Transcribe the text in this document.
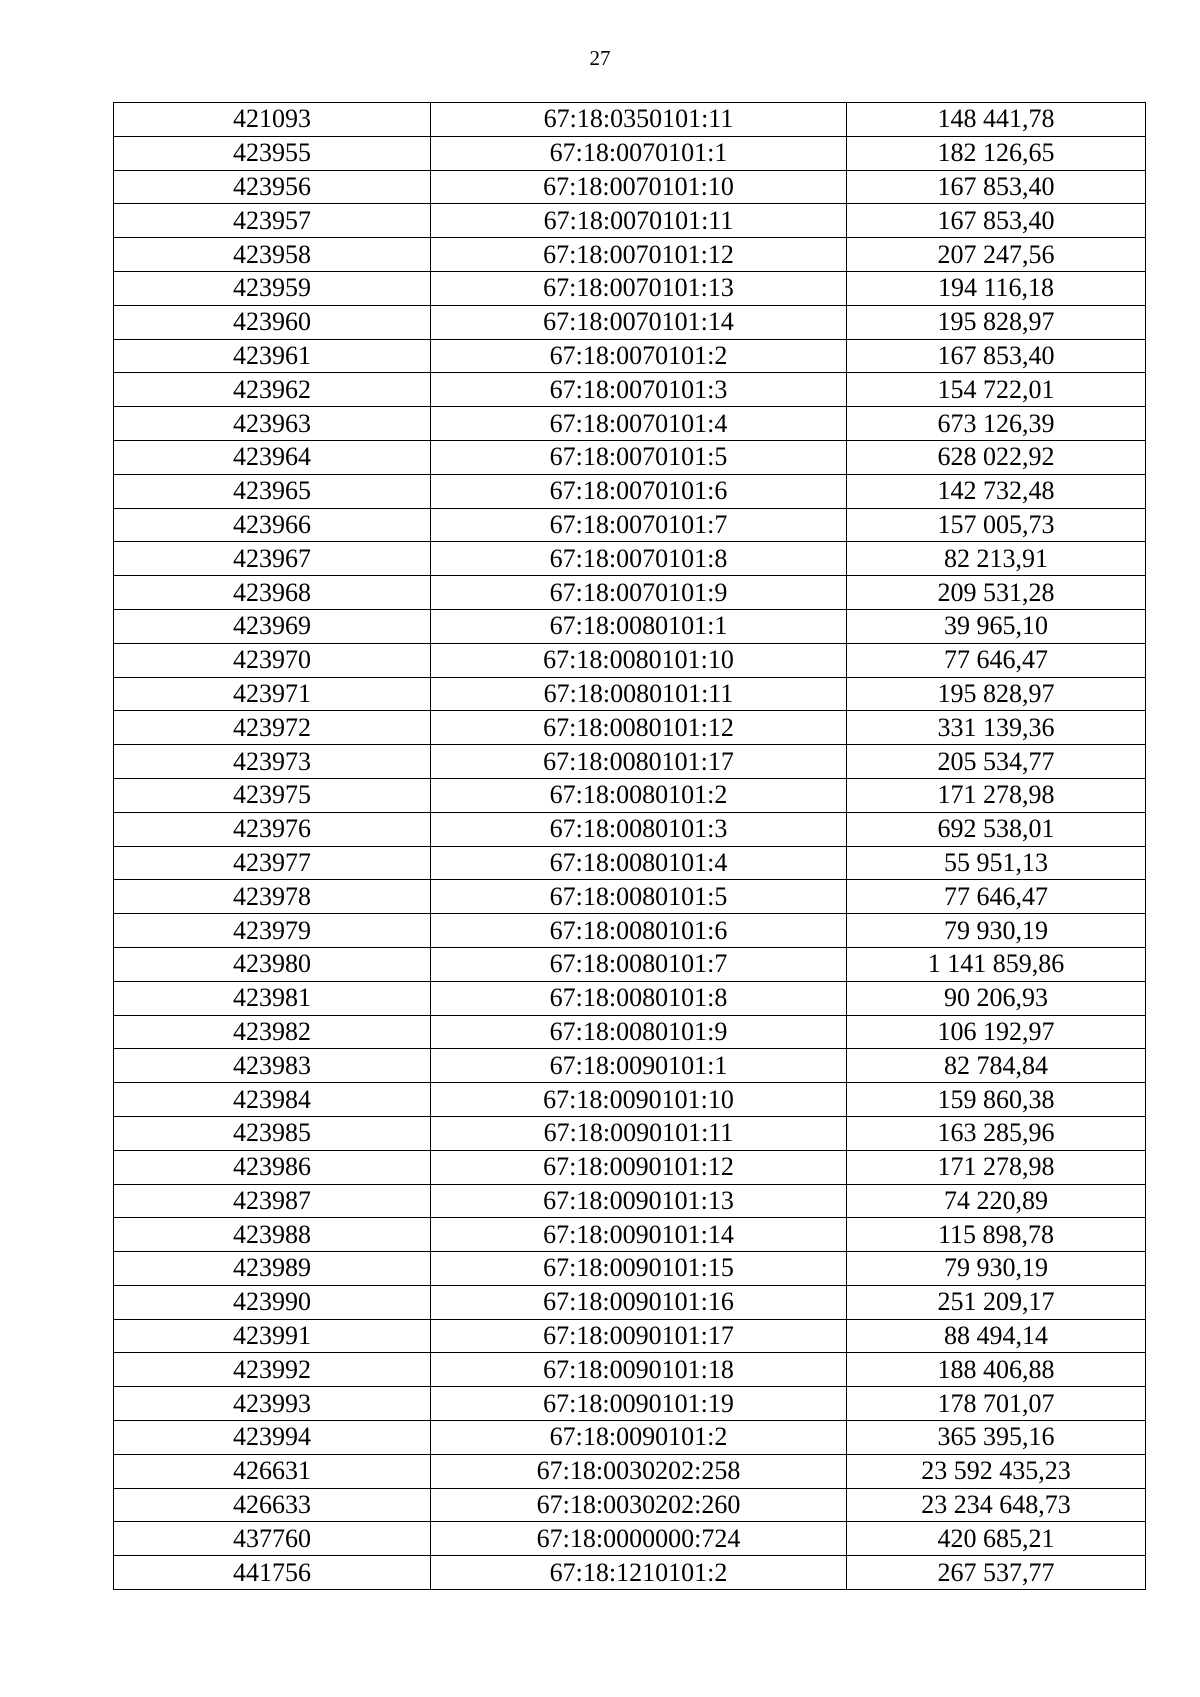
27
421093	67:18:0350101:11	148 441,78
423955	67:18:0070101:1	182 126,65
423956	67:18:0070101:10	167 853,40
423957	67:18:0070101:11	167 853,40
423958	67:18:0070101:12	207 247,56
423959	67:18:0070101:13	194 116,18
423960	67:18:0070101:14	195 828,97
423961	67:18:0070101:2	167 853,40
423962	67:18:0070101:3	154 722,01
423963	67:18:0070101:4	673 126,39
423964	67:18:0070101:5	628 022,92
423965	67:18:0070101:6	142 732,48
423966	67:18:0070101:7	157 005,73
423967	67:18:0070101:8	82 213,91
423968	67:18:0070101:9	209 531,28
423969	67:18:0080101:1	39 965,10
423970	67:18:0080101:10	77 646,47
423971	67:18:0080101:11	195 828,97
423972	67:18:0080101:12	331 139,36
423973	67:18:0080101:17	205 534,77
423975	67:18:0080101:2	171 278,98
423976	67:18:0080101:3	692 538,01
423977	67:18:0080101:4	55 951,13
423978	67:18:0080101:5	77 646,47
423979	67:18:0080101:6	79 930,19
423980	67:18:0080101:7	1 141 859,86
423981	67:18:0080101:8	90 206,93
423982	67:18:0080101:9	106 192,97
423983	67:18:0090101:1	82 784,84
423984	67:18:0090101:10	159 860,38
423985	67:18:0090101:11	163 285,96
423986	67:18:0090101:12	171 278,98
423987	67:18:0090101:13	74 220,89
423988	67:18:0090101:14	115 898,78
423989	67:18:0090101:15	79 930,19
423990	67:18:0090101:16	251 209,17
423991	67:18:0090101:17	88 494,14
423992	67:18:0090101:18	188 406,88
423993	67:18:0090101:19	178 701,07
423994	67:18:0090101:2	365 395,16
426631	67:18:0030202:258	23 592 435,23
426633	67:18:0030202:260	23 234 648,73
437760	67:18:0000000:724	420 685,21
441756	67:18:1210101:2	267 537,77
